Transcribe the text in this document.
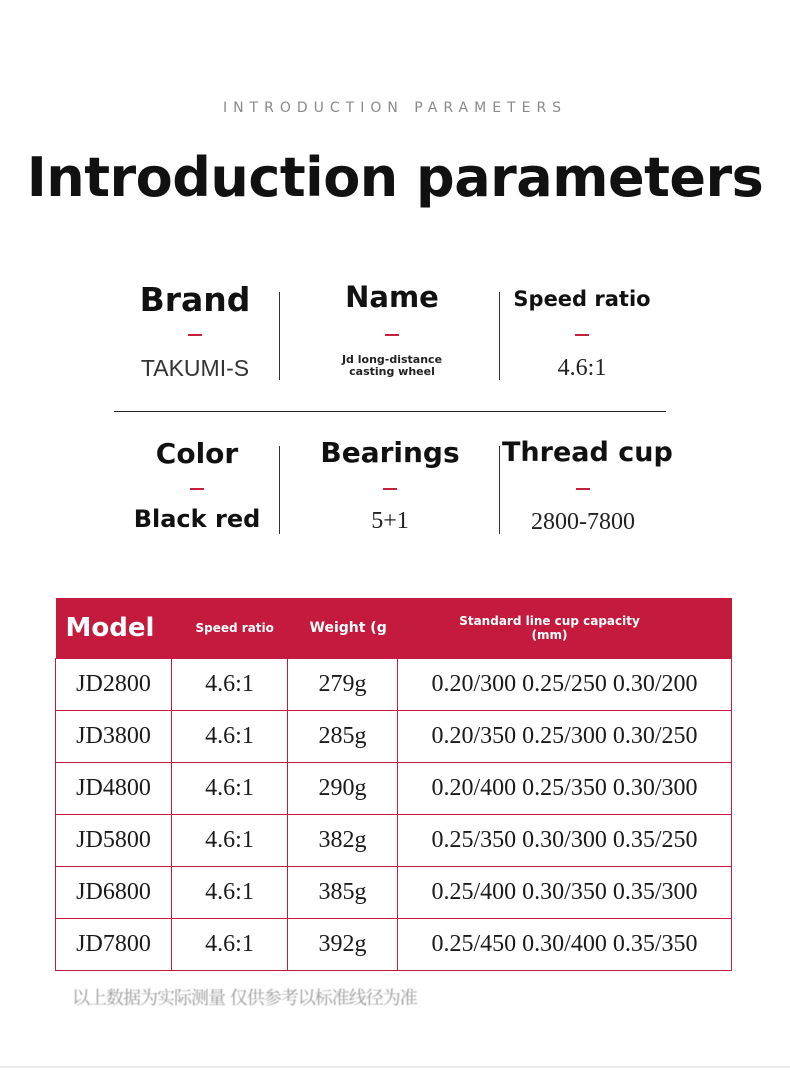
INTRODUCTION PARAMETERS
Introduction parameters
Brand
TAKUMI-S
Name
Jd long-distance casting wheel
Speed ratio
4.6:1
Color
Black red
Bearings
5+1
Thread cup
2800-7800
Model	Speed ratio	Weight (g	Standard line cup capacity (mm)
JD2800	4.6:1	279g	0.20/300 0.25/250 0.30/200
JD3800	4.6:1	285g	0.20/350 0.25/300 0.30/250
JD4800	4.6:1	290g	0.20/400 0.25/350 0.30/300
JD5800	4.6:1	382g	0.25/350 0.30/300 0.35/250
JD6800	4.6:1	385g	0.25/400 0.30/350 0.35/300
JD7800	4.6:1	392g	0.25/450 0.30/400 0.35/350
以上数据为实际测量 仅供参考以标准线径为准
